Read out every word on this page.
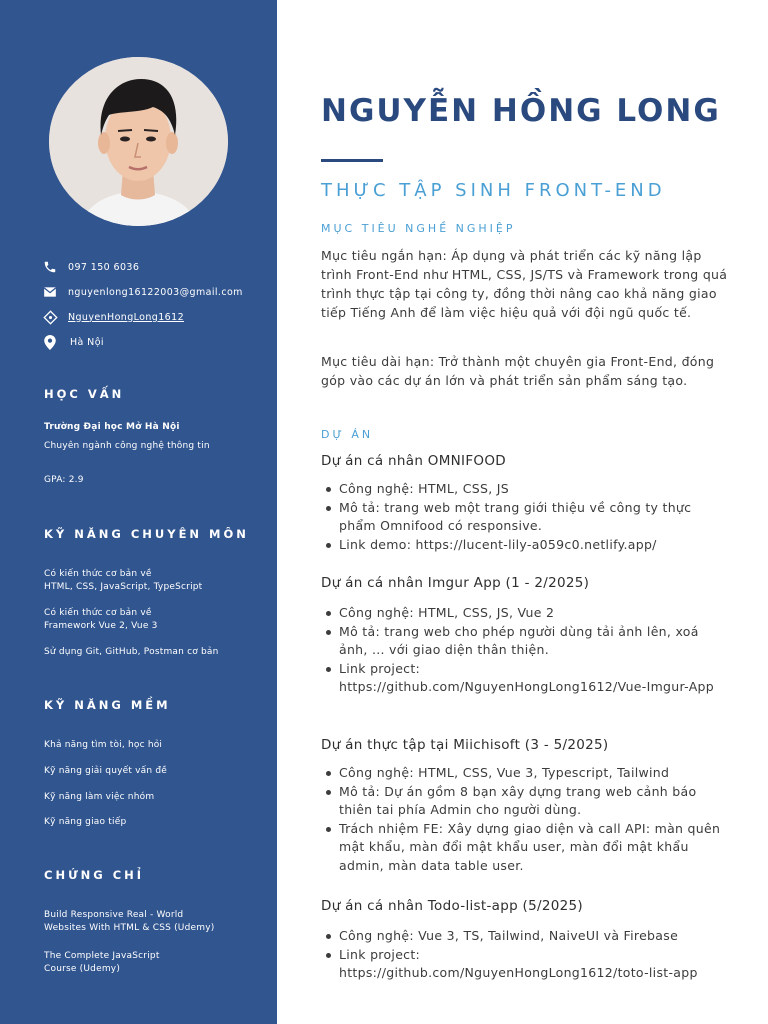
097 150 6036
nguyenlong16122003@gmail.com
NguyenHongLong1612
Hà Nội
HỌC VẤN
Trường Đại học Mở Hà Nội
Chuyên ngành công nghệ thông tin
GPA: 2.9
KỸ NĂNG CHUYÊN MÔN
Có kiến thức cơ bản về
HTML, CSS, JavaScript, TypeScript
Có kiến thức cơ bản về
Framework Vue 2, Vue 3
Sử dụng Git, GitHub, Postman cơ bản
KỸ NĂNG MỀM
Khả năng tìm tòi, học hỏi
Kỹ năng giải quyết vấn đề
Kỹ năng làm việc nhóm
Kỹ năng giao tiếp
CHỨNG CHỈ
Build Responsive Real - World
Websites With HTML & CSS (Udemy)
The Complete JavaScript
Course (Udemy)
NGUYỄN HỒNG LONG
THỰC TẬP SINH FRONT-END
MỤC TIÊU NGHỀ NGHIỆP

Mục tiêu ngắn hạn: Áp dụng và phát triển các kỹ năng lập trình Front-End như HTML, CSS, JS/TS và Framework trong quá trình thực tập tại công ty, đồng thời nâng cao khả năng giao tiếp Tiếng Anh để làm việc hiệu quả với đội ngũ quốc tế.

Mục tiêu dài hạn: Trở thành một chuyên gia Front-End, đóng góp vào các dự án lớn và phát triển sản phẩm sáng tạo.

DỰ ÁN
Dự án cá nhân OMNIFOOD
Công nghệ: HTML, CSS, JS
Mô tả: trang web một trang giới thiệu về công ty thực phẩm Omnifood có responsive.
Link demo: https://lucent-lily-a059c0.netlify.app/
Dự án cá nhân Imgur App (1 - 2/2025)
Công nghệ: HTML, CSS, JS, Vue 2
Mô tả: trang web cho phép người dùng tải ảnh lên, xoá ảnh, ... với giao diện thân thiện.
Link project: https://github.com/NguyenHongLong1612/Vue-Imgur-App
Dự án thực tập tại Miichisoft (3 - 5/2025)
Công nghệ: HTML, CSS, Vue 3, Typescript, Tailwind
Mô tả: Dự án gồm 8 bạn xây dựng trang web cảnh báo thiên tai phía Admin cho người dùng.
Trách nhiệm FE: Xây dựng giao diện và call API: màn quên mật khẩu, màn đổi mật khẩu user, màn đổi mật khẩu admin, màn data table user.
Dự án cá nhân Todo-list-app (5/2025)
Công nghệ: Vue 3, TS, Tailwind, NaiveUI và Firebase
Link project: https://github.com/NguyenHongLong1612/toto-list-app
